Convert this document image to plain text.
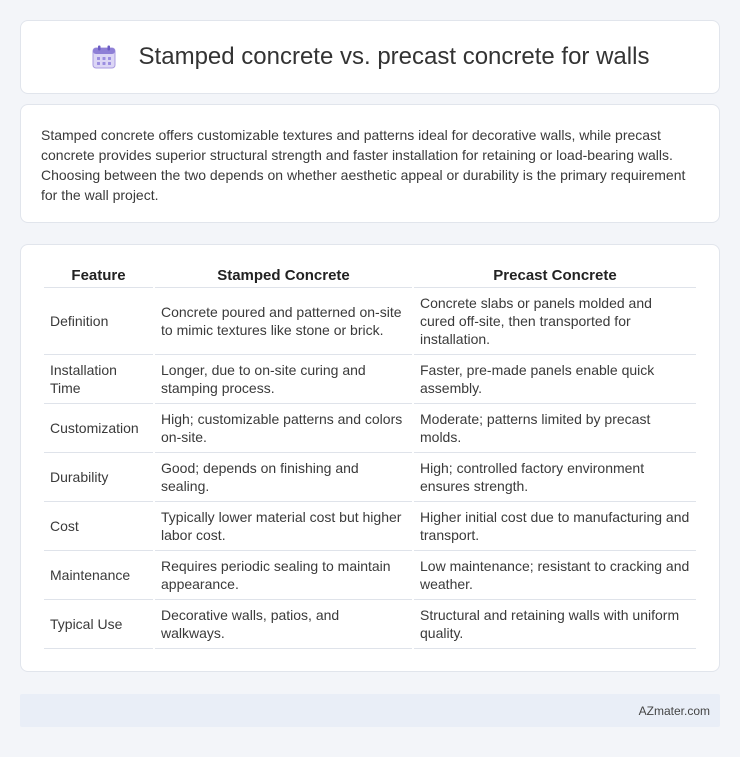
Stamped concrete vs. precast concrete for walls

Stamped concrete offers customizable textures and patterns ideal for decorative walls, while precast concrete provides superior structural strength and faster installation for retaining or load-bearing walls. Choosing between the two depends on whether aesthetic appeal or durability is the primary requirement for the wall project.

Feature	Stamped Concrete	Precast Concrete
Definition	Concrete poured and patterned on-site to mimic textures like stone or brick.	Concrete slabs or panels molded and cured off-site, then transported for installation.
Installation Time	Longer, due to on-site curing and stamping process.	Faster, pre-made panels enable quick assembly.
Customization	High; customizable patterns and colors on-site.	Moderate; patterns limited by precast molds.
Durability	Good; depends on finishing and sealing.	High; controlled factory environment ensures strength.
Cost	Typically lower material cost but higher labor cost.	Higher initial cost due to manufacturing and transport.
Maintenance	Requires periodic sealing to maintain appearance.	Low maintenance; resistant to cracking and weather.
Typical Use	Decorative walls, patios, and walkways.	Structural and retaining walls with uniform quality.
AZmater.com
